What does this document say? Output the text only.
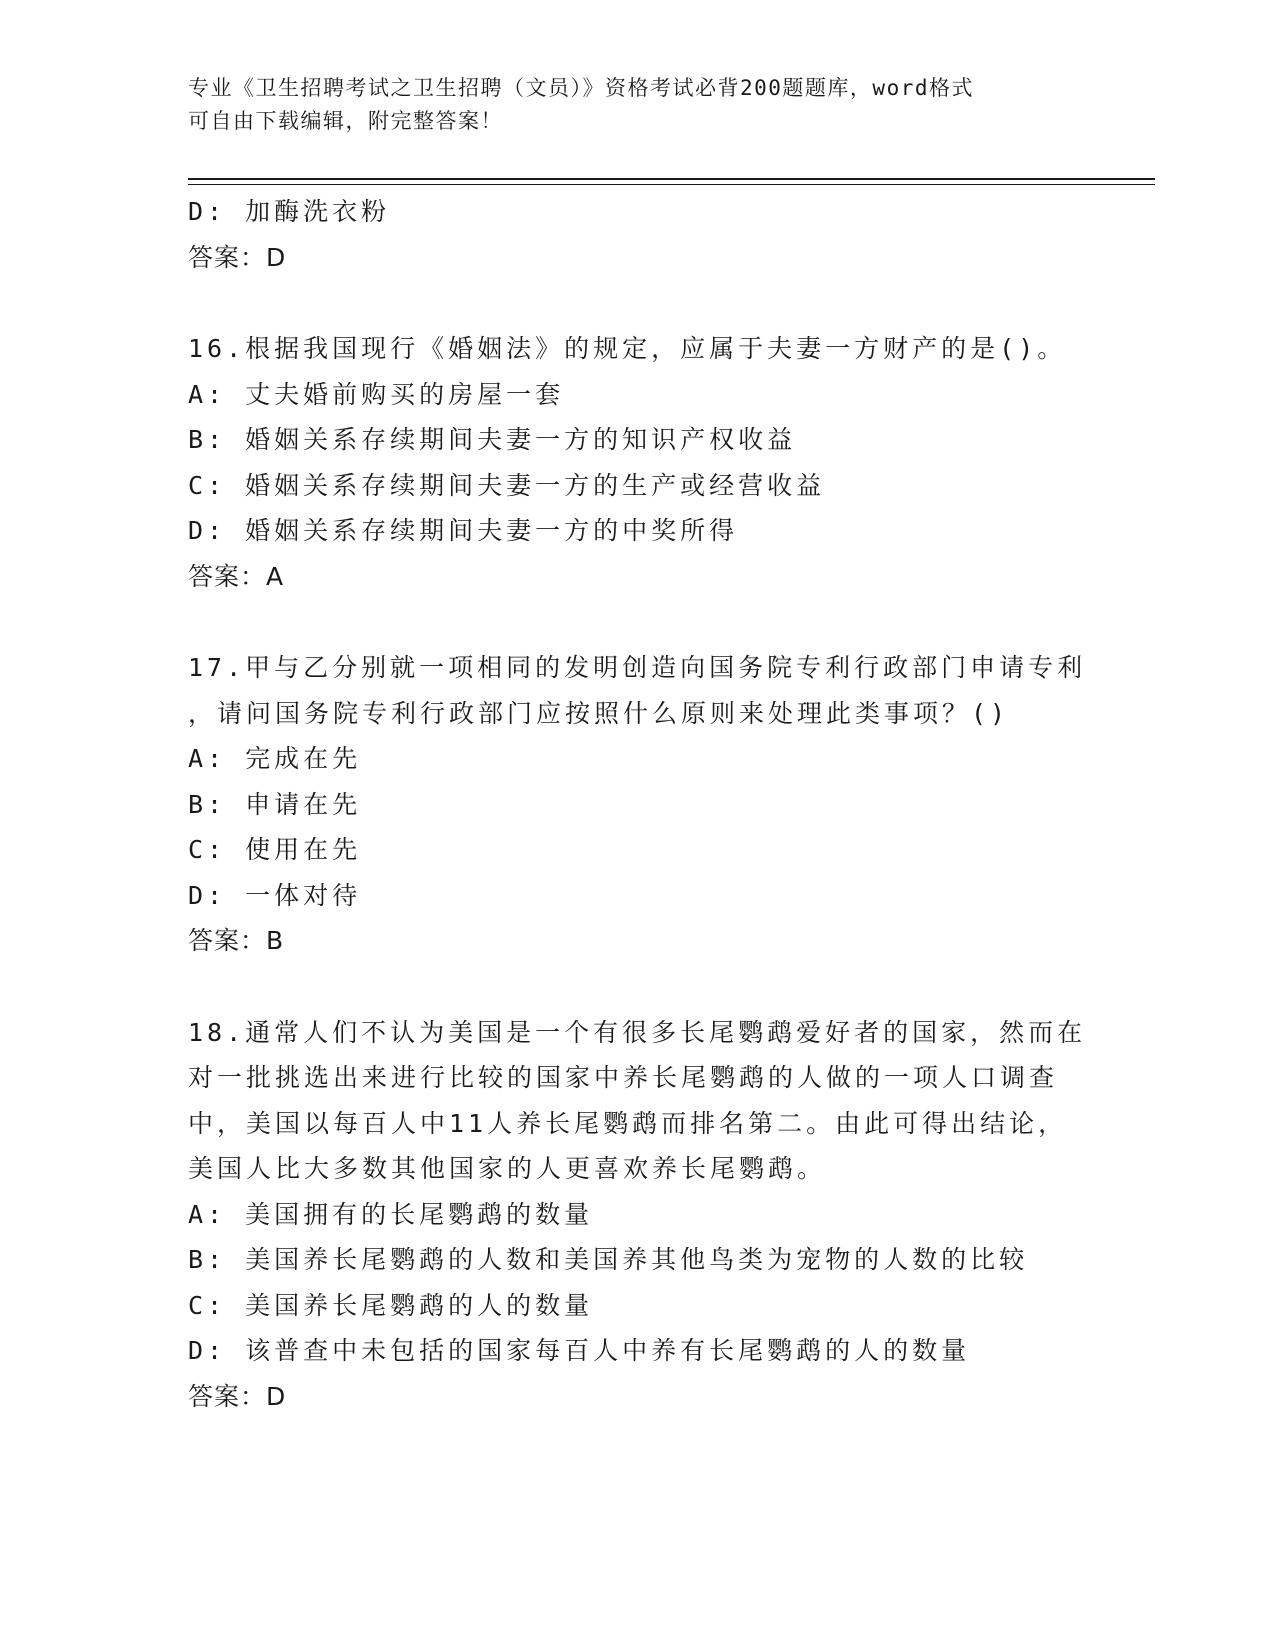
专业《卫生招聘考试之卫生招聘（文员）》资格考试必背200题题库，word格式
可自由下载编辑，附完整答案！
D: 加酶洗衣粉
答案：D
16.根据我国现行《婚姻法》的规定，应属于夫妻一方财产的是()。
A: 丈夫婚前购买的房屋一套
B: 婚姻关系存续期间夫妻一方的知识产权收益
C: 婚姻关系存续期间夫妻一方的生产或经营收益
D: 婚姻关系存续期间夫妻一方的中奖所得
答案：A
17.甲与乙分别就一项相同的发明创造向国务院专利行政部门申请专利
，请问国务院专利行政部门应按照什么原则来处理此类事项？()
A: 完成在先
B: 申请在先
C: 使用在先
D: 一体对待
答案：B
18.通常人们不认为美国是一个有很多长尾鹦鹉爱好者的国家，然而在
对一批挑选出来进行比较的国家中养长尾鹦鹉的人做的一项人口调查
中，美国以每百人中11人养长尾鹦鹉而排名第二。由此可得出结论，
美国人比大多数其他国家的人更喜欢养长尾鹦鹉。
A: 美国拥有的长尾鹦鹉的数量
B: 美国养长尾鹦鹉的人数和美国养其他鸟类为宠物的人数的比较
C: 美国养长尾鹦鹉的人的数量
D: 该普查中未包括的国家每百人中养有长尾鹦鹉的人的数量
答案：D
